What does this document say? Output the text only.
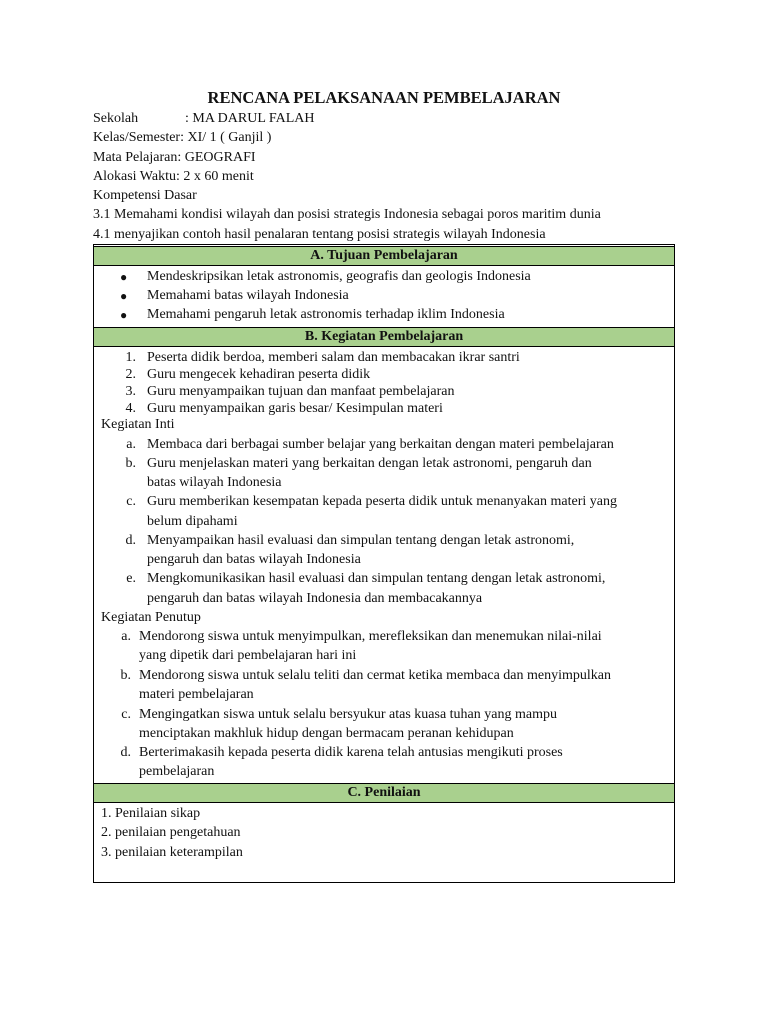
RENCANA PELAKSANAAN PEMBELAJARAN
Sekolah	: MA DARUL FALAH
Kelas/Semester: XI/ 1 ( Ganjil )
Mata Pelajaran: GEOGRAFI
Alokasi Waktu: 2 x 60 menit
Kompetensi Dasar
3.1 Memahami kondisi wilayah dan posisi strategis Indonesia sebagai poros maritim dunia
4.1 menyajikan contoh hasil penalaran tentang posisi strategis wilayah Indonesia
A. Tujuan Pembelajaran
● Mendeskripsikan letak astronomis, geografis dan geologis Indonesia
● Memahami batas wilayah Indonesia
● Memahami pengaruh letak astronomis terhadap iklim Indonesia
B. Kegiatan Pembelajaran
1. Peserta didik berdoa, memberi salam dan membacakan ikrar santri
2. Guru mengecek kehadiran peserta didik
3. Guru menyampaikan tujuan dan manfaat pembelajaran
4. Guru menyampaikan garis besar/ Kesimpulan materi
Kegiatan Inti
a. Membaca dari berbagai sumber belajar yang berkaitan dengan materi pembelajaran
b. Guru menjelaskan materi yang berkaitan dengan letak astronomi, pengaruh dan
batas wilayah Indonesia
c. Guru memberikan kesempatan kepada peserta didik untuk menanyakan materi yang
belum dipahami
d. Menyampaikan hasil evaluasi dan simpulan tentang dengan letak astronomi,
pengaruh dan batas wilayah Indonesia
e. Mengkomunikasikan hasil evaluasi dan simpulan tentang dengan letak astronomi,
pengaruh dan batas wilayah Indonesia dan membacakannya
Kegiatan Penutup
a. Mendorong siswa untuk menyimpulkan, merefleksikan dan menemukan nilai-nilai
yang dipetik dari pembelajaran hari ini
b. Mendorong siswa untuk selalu teliti dan cermat ketika membaca dan menyimpulkan
materi pembelajaran
c. Mengingatkan siswa untuk selalu bersyukur atas kuasa tuhan yang mampu
menciptakan makhluk hidup dengan bermacam peranan kehidupan
d. Berterimakasih kepada peserta didik karena telah antusias mengikuti proses
pembelajaran
C. Penilaian
1. Penilaian sikap
2. penilaian pengetahuan
3. penilaian keterampilan
